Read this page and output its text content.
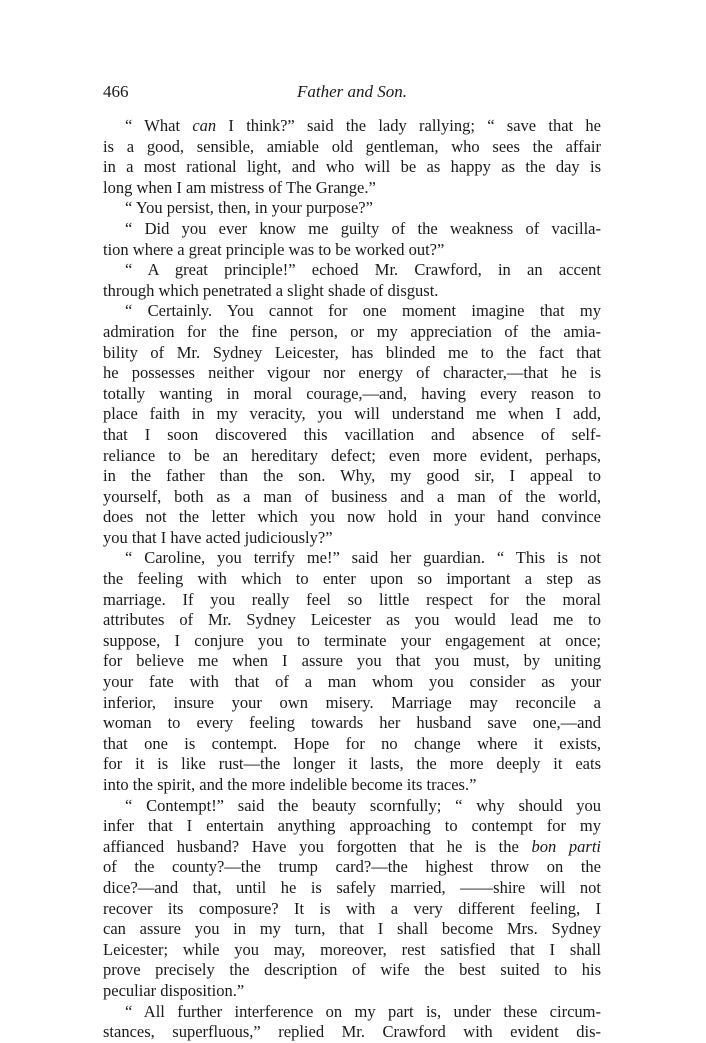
466	Father and Son.
“ What can I think?” said the lady rallying; “ save that he
is a good, sensible, amiable old gentleman, who sees the affair
in a most rational light, and who will be as happy as the day is
long when I am mistress of The Grange.”
“ You persist, then, in your purpose?”
“ Did you ever know me guilty of the weakness of vacilla-
tion where a great principle was to be worked out?”
“ A great principle!” echoed Mr. Crawford, in an accent
through which penetrated a slight shade of disgust.
“ Certainly. You cannot for one moment imagine that my
admiration for the fine person, or my appreciation of the amia-
bility of Mr. Sydney Leicester, has blinded me to the fact that
he possesses neither vigour nor energy of character,—that he is
totally wanting in moral courage,—and, having every reason to
place faith in my veracity, you will understand me when I add,
that I soon discovered this vacillation and absence of self-
reliance to be an hereditary defect; even more evident, perhaps,
in the father than the son. Why, my good sir, I appeal to
yourself, both as a man of business and a man of the world,
does not the letter which you now hold in your hand convince
you that I have acted judiciously?”
“ Caroline, you terrify me!” said her guardian. “ This is not
the feeling with which to enter upon so important a step as
marriage. If you really feel so little respect for the moral
attributes of Mr. Sydney Leicester as you would lead me to
suppose, I conjure you to terminate your engagement at once;
for believe me when I assure you that you must, by uniting
your fate with that of a man whom you consider as your
inferior, insure your own misery. Marriage may reconcile a
woman to every feeling towards her husband save one,—and
that one is contempt. Hope for no change where it exists,
for it is like rust—the longer it lasts, the more deeply it eats
into the spirit, and the more indelible become its traces.”
“ Contempt!” said the beauty scornfully; “ why should you
infer that I entertain anything approaching to contempt for my
affianced husband? Have you forgotten that he is the bon parti
of the county?—the trump card?—the highest throw on the
dice?—and that, until he is safely married, ——shire will not
recover its composure? It is with a very different feeling, I
can assure you in my turn, that I shall become Mrs. Sydney
Leicester; while you may, moreover, rest satisfied that I shall
prove precisely the description of wife the best suited to his
peculiar disposition.”
“ All further interference on my part is, under these circum-
stances, superfluous,” replied Mr. Crawford with evident dis-
